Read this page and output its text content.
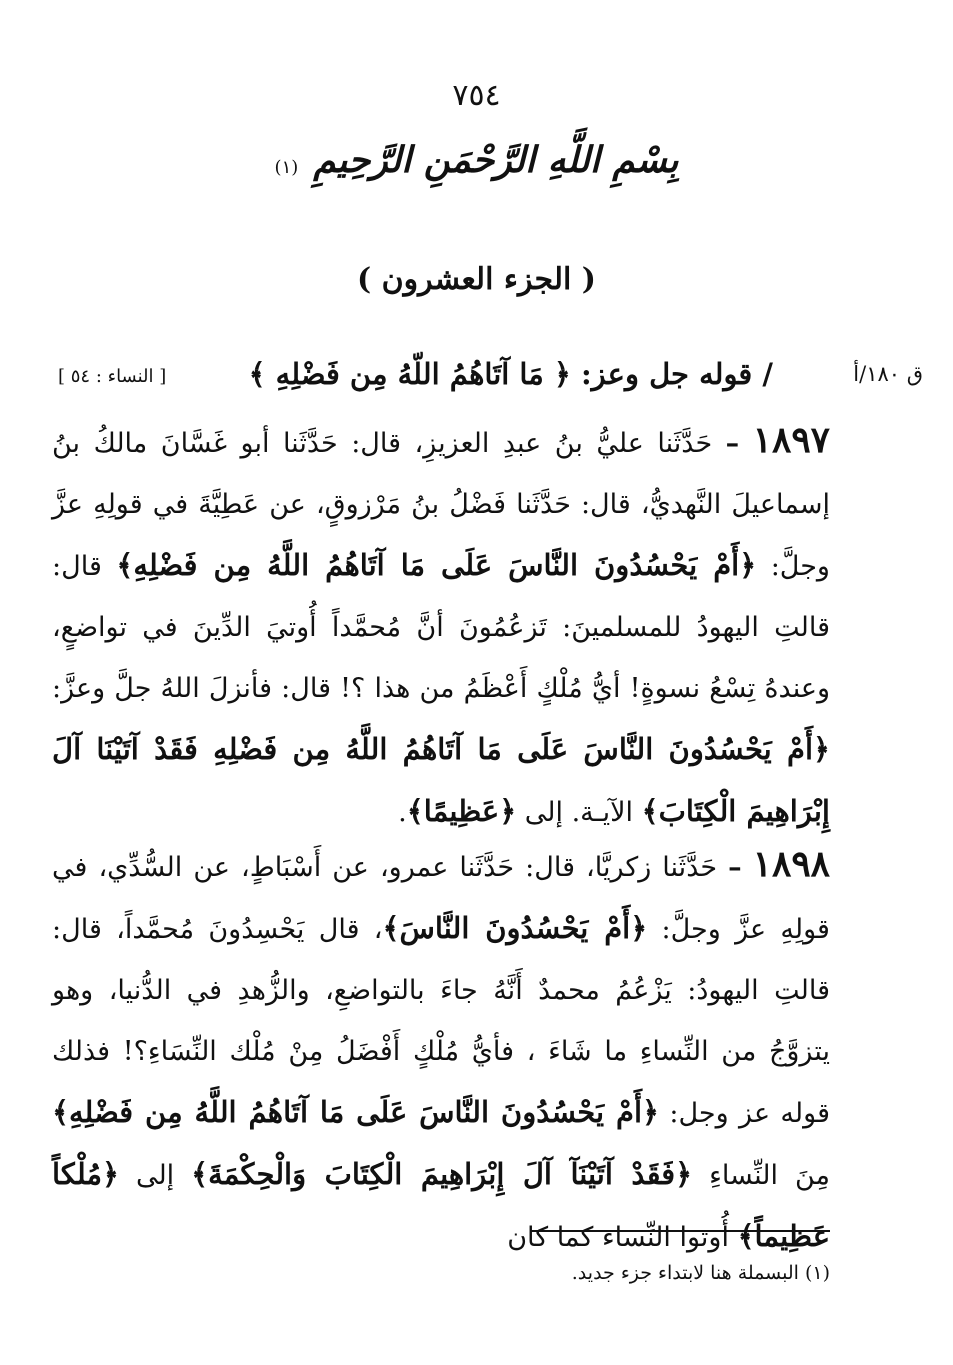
٧٥٤
بِسْمِ اللَّهِ الرَّحْمَنِ الرَّحِيمِ (١)
( الجزء العشرون )
ق ١٨٠/أ
/ قوله جل وعز: ﴿ مَا آتَاهُمُ اللّهُ مِن فَضْلِهِ ﴾
[ النساء : ٥٤ ]
١٨٩٧ – حَدَّثَنا عليُّ بنُ عبدِ العزيزِ، قال: حَدَّثَنا أبو غَسَّانَ مالكُ بنُ إسماعيلَ النَّهديُّ، قال: حَدَّثَنا فَضْلُ بنُ مَرْزوقٍ، عن عَطِيَّةَ في قولِهِ عزَّ وجلَّ: ﴿أَمْ يَحْسُدُونَ النَّاسَ عَلَى مَا آتَاهُمُ اللَّهُ مِن فَضْلِهِ﴾ قال: قالتِ اليهودُ للمسلمينَ: تَزعُمُونَ أنَّ مُحمَّداً أُوتيَ الدِّينَ في تواضعٍ، وعندهُ تِسْعُ نسوةٍ! أيُّ مُلْكٍ أَعْظَمُ من هذا ؟! قال: فأنزلَ اللهُ جلَّ وعزَّ: ﴿أَمْ يَحْسُدُونَ النَّاسَ عَلَى مَا آتَاهُمُ اللَّهُ مِن فَضْلِهِ فَقَدْ آتَيْنَا آلَ إِبْرَاهِيمَ الْكِتَابَ﴾ الآيـة. إلى ﴿عَظِيمًا﴾.
١٨٩٨ – حَدَّثَنا زكريَّا، قال: حَدَّثَنا عمرو، عن أَسْبَاطٍ، عن السُّدِّي، في قولِهِ عزَّ وجلَّ: ﴿أَمْ يَحْسُدُونَ النَّاسَ﴾، قال يَحْسِدُونَ مُحمَّداً، قال: قالتِ اليهودُ: يَزْعُمُ محمدٌ أَنَّهُ جاءَ بالتواضعِ، والزُّهدِ في الدُّنيا، وهو يتزوَّجُ من النِّساءِ ما شَاءَ ، فأيُّ مُلْكٍ أَفْضَلُ مِنْ مُلْك النِّسَاءِ؟! فذلك قوله عز وجل: ﴿أَمْ يَحْسُدُونَ النَّاسَ عَلَى مَا آتَاهُمُ اللَّهُ مِن فَضْلِهِ﴾ مِنَ النِّساءِ ﴿فَقَدْ آتَيْنَآ آلَ إِبْرَاهِيمَ الْكِتَابَ وَالْحِكْمَةَ﴾ إلى ﴿مُلْكاً عَظِيماً﴾ أُوتوا النِّساء كما كان
(١) البسملة هنا لابتداء جزء جديد.
